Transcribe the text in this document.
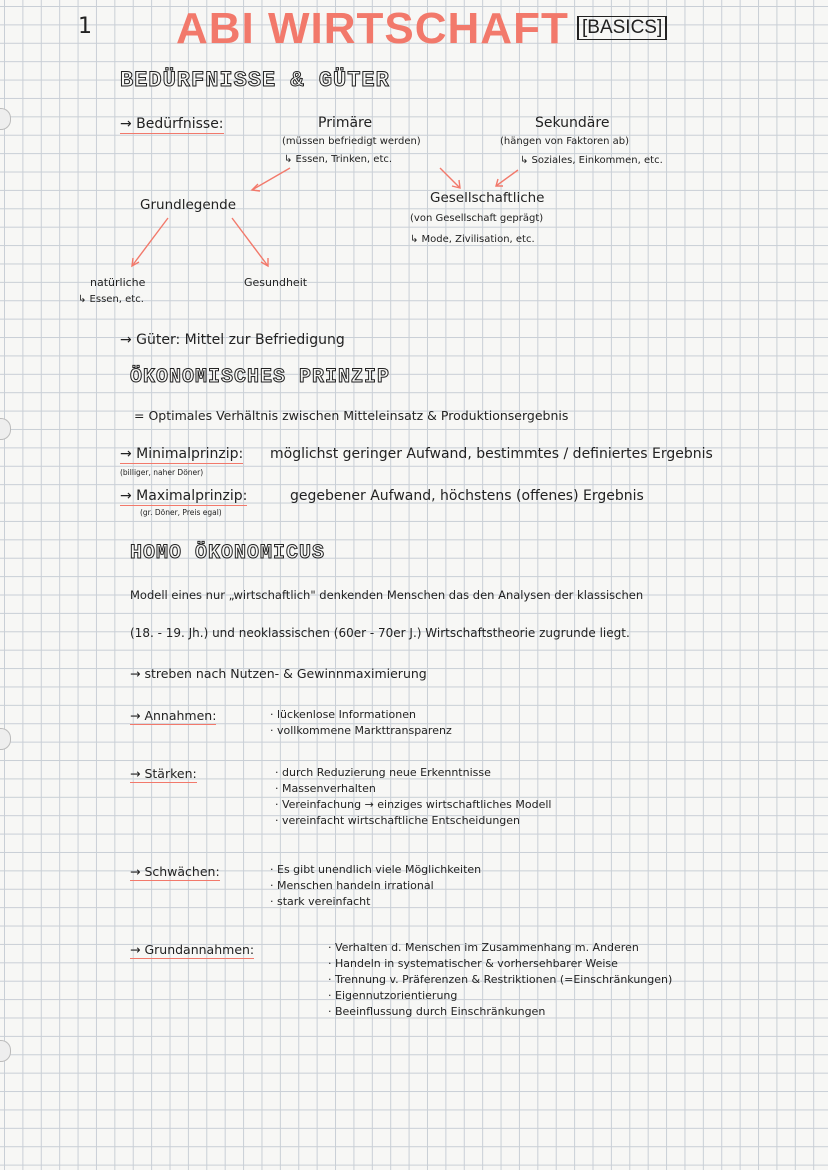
1 ABI WIRTSCHAFT [BASICS]
BEDÜRFNISSE & GÜTER
→ Bedürfnisse:	Primäre
(müssen befriedigt werden)
↳ Essen, Trinken, etc.
Sekundäre
(hängen von Faktoren ab)
↳ Soziales, Einkommen, etc.
Grundlegende	Gesellschaftliche
(von Gesellschaft geprägt)
↳ Mode, Zivilisation, etc.
natürliche
↳ Essen, etc.
Gesundheit
→ Güter: Mittel zur Befriedigung
ÖKONOMISCHES PRINZIP
= Optimales Verhältnis zwischen Mitteleinsatz & Produktionsergebnis
→ Minimalprinzip: möglichst geringer Aufwand, bestimmtes / definiertes Ergebnis
(billiger, naher Döner)
→ Maximalprinzip:	gegebener Aufwand, höchstens (offenes) Ergebnis
(gr. Döner, Preis egal)
HOMO ÖKONOMICUS
Modell eines nur „wirtschaftlich" denkenden Menschen das den Analysen der klassischen
(18. - 19. Jh.) und neoklassischen (60er - 70er J.) Wirtschaftstheorie zugrunde liegt.
→ streben nach Nutzen- & Gewinnmaximierung
→ Annahmen:	· lückenlose Informationen
· vollkommene Markttransparenz
→ Stärken:	· durch Reduzierung neue Erkenntnisse
· Massenverhalten
· Vereinfachung → einziges wirtschaftliches Modell
· vereinfacht wirtschaftliche Entscheidungen
→ Schwächen:	· Es gibt unendlich viele Möglichkeiten
· Menschen handeln irrational
· stark vereinfacht
→ Grundannahmen:	· Verhalten d. Menschen im Zusammenhang m. Anderen
· Handeln in systematischer & vorhersehbarer Weise
· Trennung v. Präferenzen & Restriktionen (=Einschränkungen)
· Eigennutzorientierung
· Beeinflussung durch Einschränkungen
